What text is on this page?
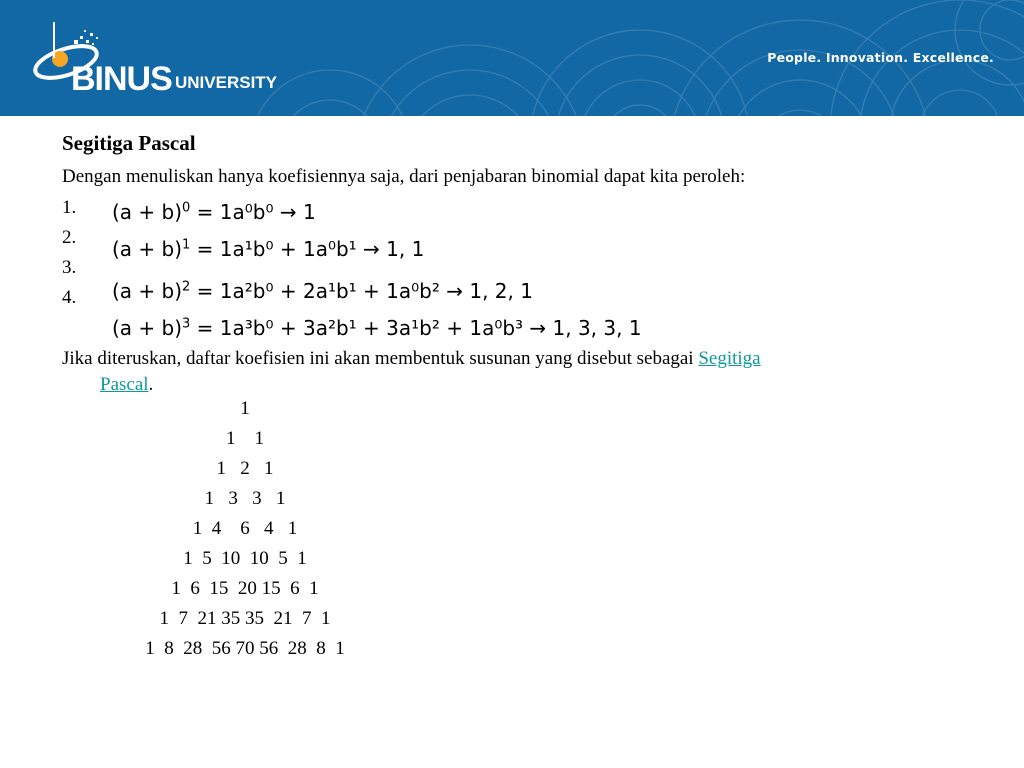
BINUS UNIVERSITY
People. Innovation. Excellence.
Segitiga Pascal
Dengan menuliskan hanya koefisiennya saja, dari penjabaran binomial dapat kita peroleh:
1.
2.
3.
4.
$(a + b)^0 = 1a^0b^0 \to 1$
$(a + b)^1 = 1a^1b^0 + 1a^0b^1 \to 1$, 1
$(a + b)^2 = 1a^2b^0 + 2a^1b^1 + 1a^0b^2 \to 1$, 2, 1
$(a + b)^3 = 1a^3b^0 + 3a^2b^1 + 3a^1b^2 + 1a^0b^3 \to 1$, 3, 3, 1
Jika diteruskan, daftar koefisien ini akan membentuk susunan yang disebut sebagai Segitiga
Pascal.
1
1    1
1   2   1
1   3   3   1
1  4    6   4   1
1  5  10  10  5  1
1  6  15  20 15  6  1
1  7  21 35 35  21  7  1
1  8  28  56 70 56  28  8  1
